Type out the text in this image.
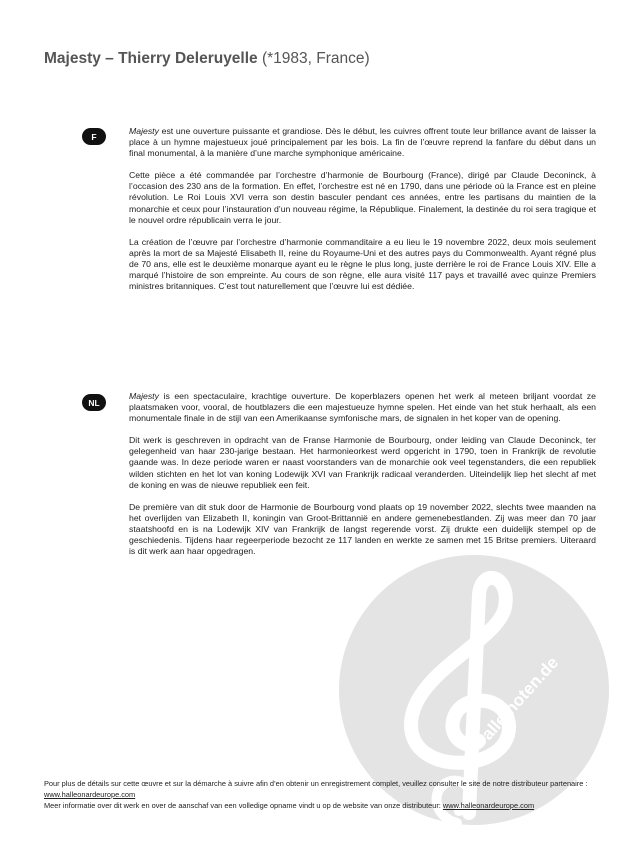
Majesty – Thierry Deleruyelle (*1983, France)
F

Majesty est une ouverture puissante et grandiose. Dès le début, les cuivres offrent toute leur brillance avant de laisser la place à un hymne majestueux joué principalement par les bois. La fin de l’œuvre reprend la fanfare du début dans un final monumental, à la manière d’une marche symphonique américaine.

Cette pièce a été commandée par l’orchestre d’harmonie de Bourbourg (France), dirigé par Claude Deconinck, à l’occasion des 230 ans de la formation. En effet, l’orchestre est né en 1790, dans une période où la France est en pleine révolution. Le Roi Louis XVI verra son destin basculer pendant ces années, entre les partisans du maintien de la monarchie et ceux pour l’instauration d’un nouveau régime, la République. Finalement, la destinée du roi sera tragique et le nouvel ordre républicain verra le jour.

La création de l’œuvre par l’orchestre d’harmonie commanditaire a eu lieu le 19 novembre 2022, deux mois seulement après la mort de sa Majesté Elisabeth II, reine du Royaume-Uni et des autres pays du Commonwealth. Ayant régné plus de 70 ans, elle est le deuxième monarque ayant eu le règne le plus long, juste derrière le roi de France Louis XIV. Elle a marqué l’histoire de son empreinte. Au cours de son règne, elle aura visité 117 pays et travaillé avec quinze Premiers ministres britanniques. C’est tout naturellement que l’œuvre lui est dédiée.

alle-noten.de
NL

Majesty is een spectaculaire, krachtige ouverture. De koperblazers openen het werk al meteen briljant voordat ze plaatsmaken voor, vooral, de houtblazers die een majestueuze hymne spelen. Het einde van het stuk herhaalt, als een monumentale finale in de stijl van een Amerikaanse symfonische mars, de signalen in het koper van de opening.

Dit werk is geschreven in opdracht van de Franse Harmonie de Bourbourg, onder leiding van Claude Deconinck, ter gelegenheid van haar 230-jarige bestaan. Het harmonieorkest werd opgericht in 1790, toen in Frankrijk de revolutie gaande was. In deze periode waren er naast voorstanders van de monarchie ook veel tegenstanders, die een republiek wilden stichten en het lot van koning Lodewijk XVI van Frankrijk radicaal veranderden. Uiteindelijk liep het slecht af met de koning en was de nieuwe republiek een feit.

De première van dit stuk door de Harmonie de Bourbourg vond plaats op 19 november 2022, slechts twee maanden na het overlijden van Elizabeth II, koningin van Groot-Brittannië en andere gemenebestlanden. Zij was meer dan 70 jaar staatshoofd en is na Lodewijk XIV van Frankrijk de langst regerende vorst. Zij drukte een duidelijk stempel op de geschiedenis. Tijdens haar regeerperiode bezocht ze 117 landen en werkte ze samen met 15 Britse premiers. Uiteraard is dit werk aan haar opgedragen.

Pour plus de détails sur cette œuvre et sur la démarche à suivre afin d’en obtenir un enregistrement complet, veuillez consulter le site de notre distributeur partenaire : www.halleonardeurope.com

Meer informatie over dit werk en over de aanschaf van een volledige opname vindt u op de website van onze distributeur: www.halleonardeurope.com
